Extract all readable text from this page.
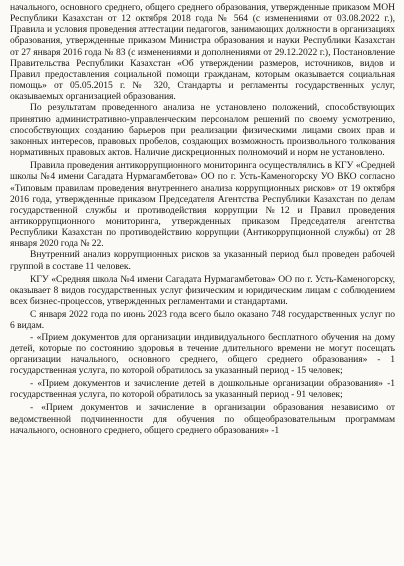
начального, основного среднего, общего среднего образования, утвержденные приказом МОН Республики Казахстан от 12 октября 2018 года № 564 (с изменениями от 03.08.2022 г.), Правила и условия проведения аттестации педагогов, занимающих должности в организациях образования, утвержденные приказом Министра образования и науки Республики Казахстан от 27 января 2016 года № 83 (с изменениями и дополнениями от 29.12.2022 г.), Постановление Правительства Республики Казахстан «Об утверждении размеров, источников, видов и Правил предоставления социальной помощи гражданам, которым оказывается социальная помощь» от 05.05.2015 г. № 320, Стандарты и регламенты государственных услуг, оказываемых организацией образования.

По результатам проведенного анализа не установлено положений, способствующих принятию административно-управленческим персоналом решений по своему усмотрению, способствующих созданию барьеров при реализации физическими лицами своих прав и законных интересов, правовых пробелов, создающих возможность произвольного толкования нормативных правовых актов. Наличие дискреционных полномочий и норм не установлено.

Правила проведения антикоррупционного мониторинга осуществлялись в КГУ «Средней школы №4 имени Сагадата Нурмагамбетова» ОО по г. Усть-Каменогорску УО ВКО согласно «Типовым правилам проведения внутреннего анализа коррупционных рисков» от 19 октября 2016 года, утвержденные приказом Председателя Агентства Республики Казахстан по делам государственной службы и противодействия коррупции №12 и Правил проведения антикоррупционного мониторинга, утвержденных приказом Председателя агентства Республики Казахстан по противодействию коррупции (Антикоррупционной службы) от 28 января 2020 года № 22.

Внутренний анализ коррупционных рисков за указанный период был проведен рабочей группой в составе 11 человек.

КГУ «Средняя школа №4 имени Сагадата Нурмагамбетова» ОО по г. Усть-Каменогорску, оказывает 8 видов государственных услуг физическим и юридическим лицам с соблюдением всех бизнес-процессов, утвержденных регламентами и стандартами.

С января 2022 года по июнь 2023 года всего было оказано 748 государственных услуг по 6 видам.

- «Прием документов для организации индивидуального бесплатного обучения на дому детей, которые по состоянию здоровья в течение длительного времени не могут посещать организации начального, основного среднего, общего среднего образования» - 1 государственная услуга, по которой обратилось за указанный период - 15 человек;

- «Прием документов и зачисление детей в дошкольные организации образования» -1 государственная услуга, по которой обратилось за указанный период - 91 человек;

- «Прием документов и зачисление в организации образования независимо от ведомственной подчиненности для обучения по общеобразовательным программам начального, основного среднего, общего среднего образования» -1
